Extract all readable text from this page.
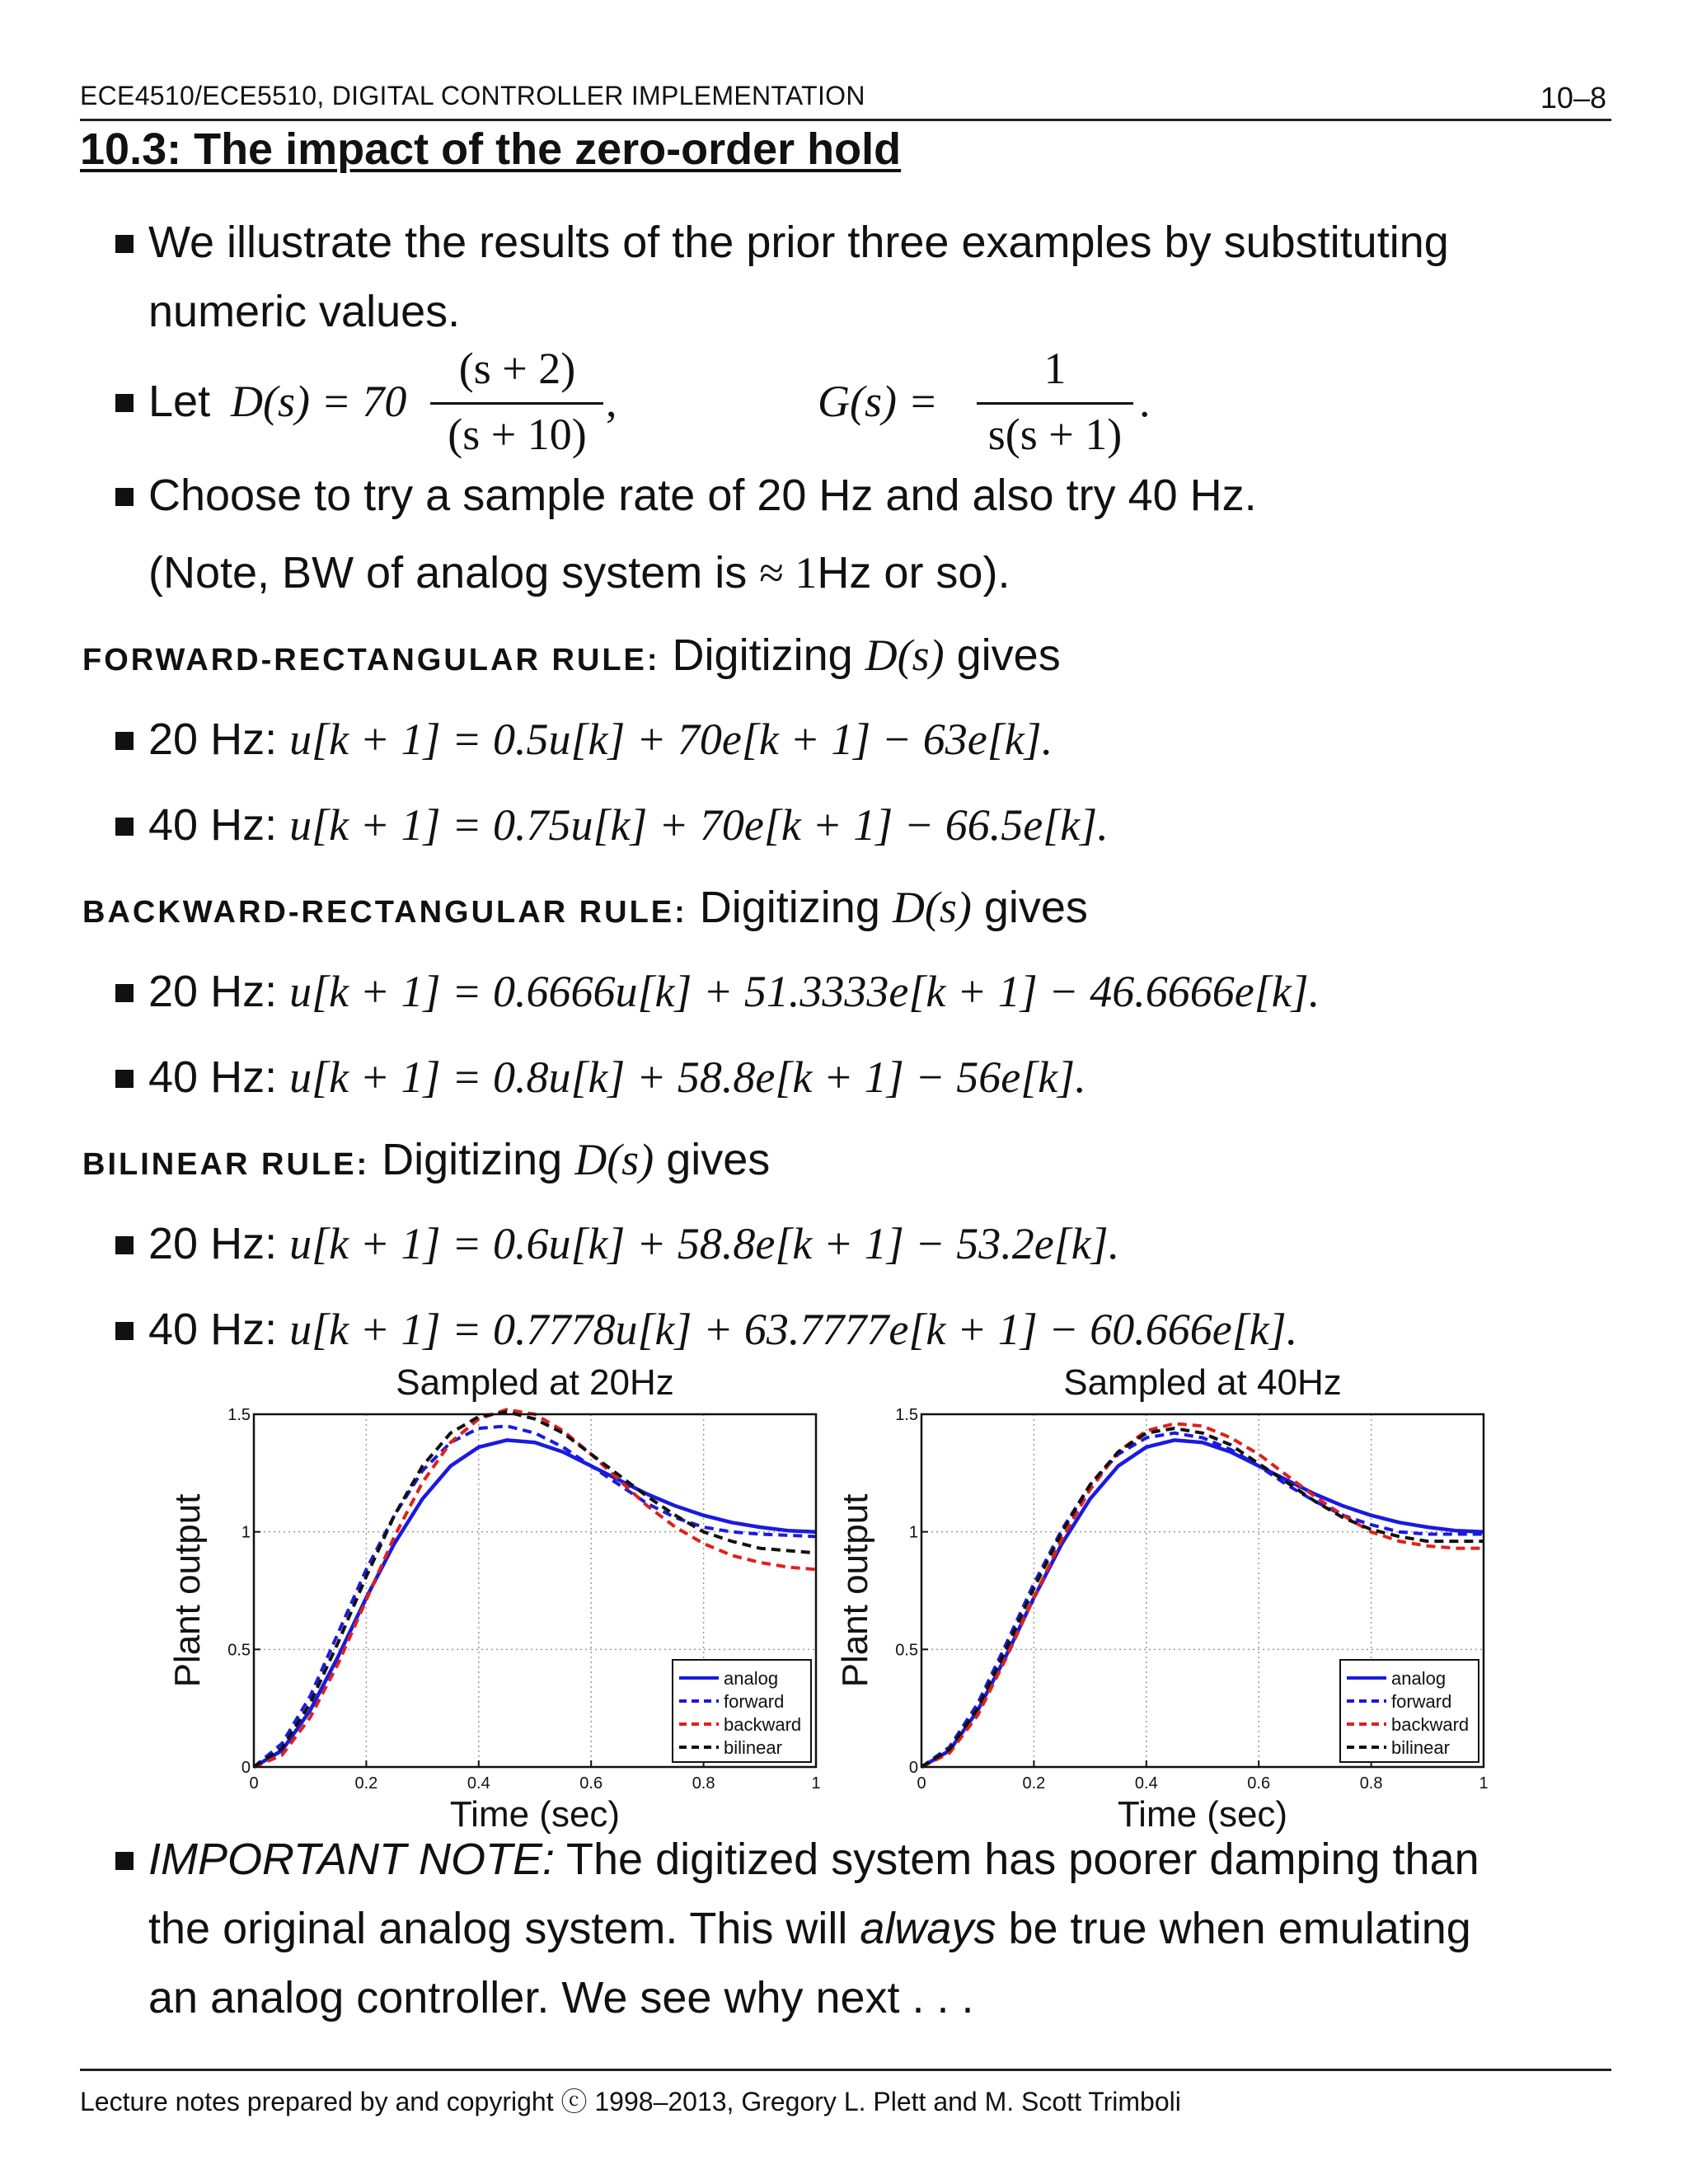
ECE4510/ECE5510, DIGITAL CONTROLLER IMPLEMENTATION	10–8
10.3: The impact of the zero-order hold
We illustrate the results of the prior three examples by substituting
numeric values.
Let D(s) = 70
(s + 2)
(s + 10)
,	G(s) =
1
s(s + 1)
.
Choose to try a sample rate of 20 Hz and also try 40 Hz.
(Note, BW of analog system is ≈ 1Hz or so).
FORWARD-RECTANGULAR RULE: Digitizing D(s) gives
20 Hz: u[k + 1] = 0.5u[k] + 70e[k + 1] − 63e[k].
40 Hz: u[k + 1] = 0.75u[k] + 70e[k + 1] − 66.5e[k].
BACKWARD-RECTANGULAR RULE: Digitizing D(s) gives
20 Hz: u[k + 1] = 0.6666u[k] + 51.3333e[k + 1] − 46.6666e[k].
40 Hz: u[k + 1] = 0.8u[k] + 58.8e[k + 1] − 56e[k].
BILINEAR RULE: Digitizing D(s) gives
20 Hz: u[k + 1] = 0.6u[k] + 58.8e[k + 1] − 53.2e[k].
40 Hz: u[k + 1] = 0.7778u[k] + 63.7777e[k + 1] − 60.666e[k].
Sampled at 20Hz
0	0.2	0.4	0.6	0.8	1
0
0.5
1
1.5
Time (sec)
Plant output	analog
forward
backward
bilinear
Sampled at 40Hz
0	0.2	0.4	0.6	0.8	1
0
0.5
1
1.5
Time (sec)
Plant output	analog
forward
backward
bilinear
IMPORTANT NOTE: The digitized system has poorer damping than
the original analog system. This will always be true when emulating
an analog controller. We see why next . . .
Lecture notes prepared by and copyright ⓒ 1998–2013, Gregory L. Plett and M. Scott Trimboli
